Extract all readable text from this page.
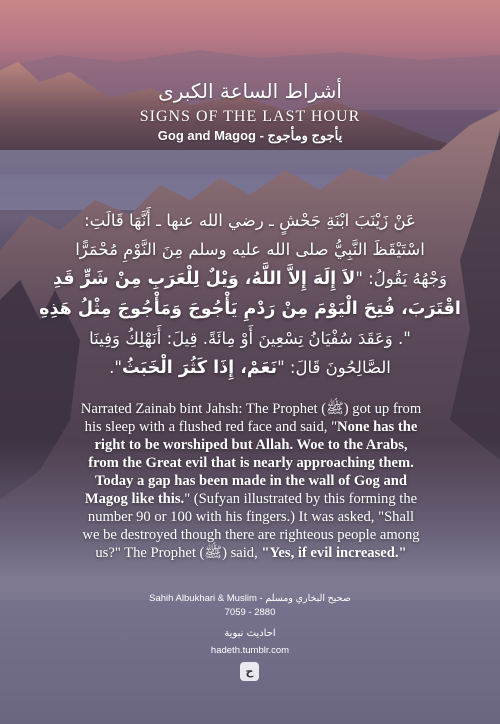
أشراط الساعة الكبرى
SIGNS OF THE LAST HOUR
Gog and Magog - يأجوج ومأجوج
عَنْ زَيْنَبَ ابْنَةِ جَحْشٍ ـ رضي الله عنها ـ أَنَّهَا قَالَتِ:
اسْتَيْقَظَ النَّبِيُّ صلى الله عليه وسلم مِنَ النَّوْمِ مُحْمَرًّا
وَجْهُهُ يَقُولُ: "لاَ إِلَهَ إِلاَّ اللَّهُ، وَيْلٌ لِلْعَرَبِ مِنْ شَرٍّ قَدِ
اقْتَرَبَ، فُتِحَ الْيَوْمَ مِنْ رَدْمِ يَأْجُوجَ وَمَأْجُوجَ مِثْلُ هَذِهِ
". وَعَقَدَ سُفْيَانُ تِسْعِينَ أَوْ مِائَةً. قِيلَ: أَنَهْلِكُ وَفِينَا
الصَّالِحُونَ قَالَ: "نَعَمْ، إِذَا كَثُرَ الْخَبَثُ".
Narrated Zainab bint Jahsh: The Prophet (ﷺ) got up from his sleep with a flushed red face and said, "None has the right to be worshiped but Allah. Woe to the Arabs, from the Great evil that is nearly approaching them. Today a gap has been made in the wall of Gog and Magog like this." (Sufyan illustrated by this forming the number 90 or 100 with his fingers.) It was asked, "Shall we be destroyed though there are righteous people among us?" The Prophet (ﷺ) said, "Yes, if evil increased."
Sahih Albukhari & Muslim - صحيح البخاري ومسلم
7059 - 2880
احاديث نبوية
hadeth.tumblr.com
ح
